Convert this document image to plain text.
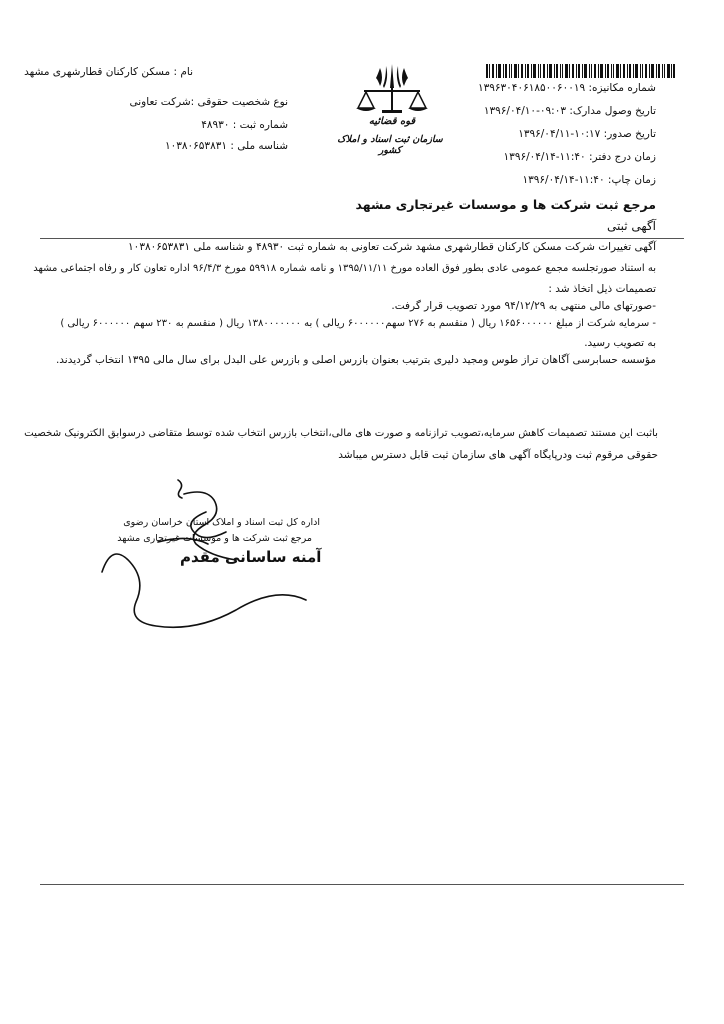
نام : مسکن کارکنان قطارشهری مشهد
نوع شخصیت حقوقی :شرکت تعاونی
شماره ثبت : ۴۸۹۳۰
شناسه ملی : ۱۰۳۸۰۶۵۳۸۳۱
قوه قضائیه
سازمان ثبت اسناد و املاک کشور
شماره مکانیزه: ۱۳۹۶۳۰۴۰۶۱۸۵۰۰۶۰۰۱۹
تاریخ وصول مدارک: ۰۹:۰۳-۱۳۹۶/۰۴/۱۰
تاریخ صدور: ۱۰:۱۷-۱۳۹۶/۰۴/۱۱
زمان درج دفتر: ۱۱:۴۰-۱۳۹۶/۰۴/۱۴
زمان چاپ: ۱۱:۴۰-۱۳۹۶/۰۴/۱۴
مرجع ثبت شرکت ها و موسسات غیرتجاری مشهد
آگهی ثبتی
آگهی تغییرات شرکت مسکن کارکنان قطارشهری مشهد شرکت تعاونی به شماره ثبت ۴۸۹۳۰ و شناسه ملی ۱۰۳۸۰۶۵۳۸۳۱
به استناد صورتجلسه مجمع عمومی عادی بطور فوق العاده مورخ ۱۳۹۵/۱۱/۱۱ و نامه شماره ۵۹۹۱۸ مورخ ۹۶/۴/۳ اداره تعاون کار و رفاه اجتماعی مشهد
تصمیمات ذیل اتخاذ شد :
-صورتهای مالی منتهی به ۹۴/۱۲/۲۹ مورد تصویب قرار گرفت.
- سرمایه شرکت از مبلغ ۱۶۵۶۰۰۰۰۰۰ ریال ( منقسم به ۲۷۶ سهم۶۰۰۰۰۰۰ ریالی ) به ۱۳۸۰۰۰۰۰۰۰ ریال ( منقسم به ۲۳۰ سهم ۶۰۰۰۰۰۰ ریالی )
به تصویب رسید.
مؤسسه حسابرسی آگاهان تراز طوس ومجید دلیری بترتیب بعنوان بازرس اصلی و بازرس علی البدل برای سال مالی ۱۳۹۵ انتخاب گردیدند.
باثبت این مستند تصمیمات کاهش سرمایه،تصویب ترازنامه و صورت های مالی،انتخاب بازرس انتخاب شده توسط متقاضی درسوابق الکترونیک شخصیت
حقوقی مرقوم ثبت ودرپایگاه آگهی های سازمان ثبت قابل دسترس میباشد
اداره کل ثبت اسناد و املاک استان خراسان رضوی
مرجع ثبت شرکت ها و موسسات غیرتجاری مشهد
آمنه ساسانی مقدم
